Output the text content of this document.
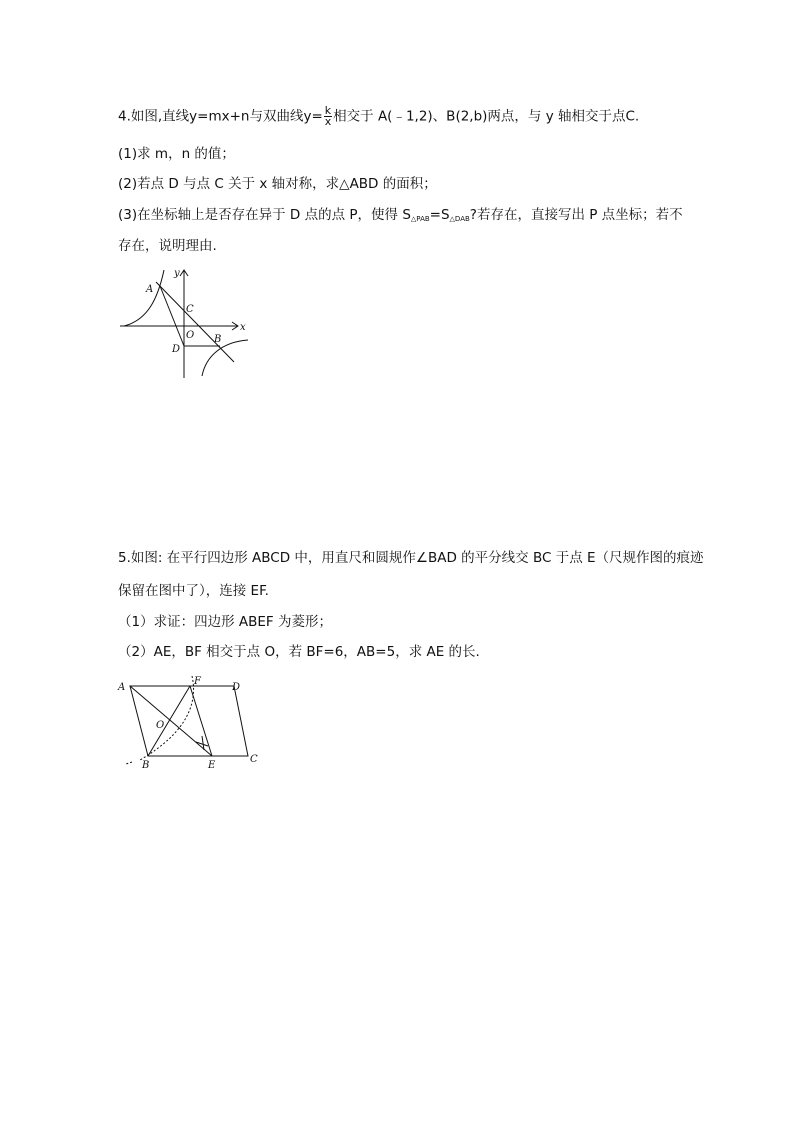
4.如图,直线y=mx+n与双曲线$y= \frac{k}{x}$ 相交于 A(﹣1,2)、B(2,b)两点，与 y 轴相交于点C.
(1)求 m，n 的值；
(2)若点 D 与点 C 关于 x 轴对称，求△ABD 的面积；
(3)在坐标轴上是否存在异于 D 点的点 P，使得 $S_{\triangle PAB}=S_{\triangle DAB}$?若存在，直接写出 P 点坐标；若不
存在，说明理由.
y
x
A
C
O
D
B
5.如图: 在平行四边形 ABCD 中，用直尺和圆规作∠BAD 的平分线交 BC 于点 E（尺规作图的痕迹
保留在图中了），连接 EF.
（1）求证：四边形 ABEF 为菱形；
（2）AE，BF 相交于点 O，若 BF=6，AB=5，求 AE 的长.
A
F
D
O
B	E
C
